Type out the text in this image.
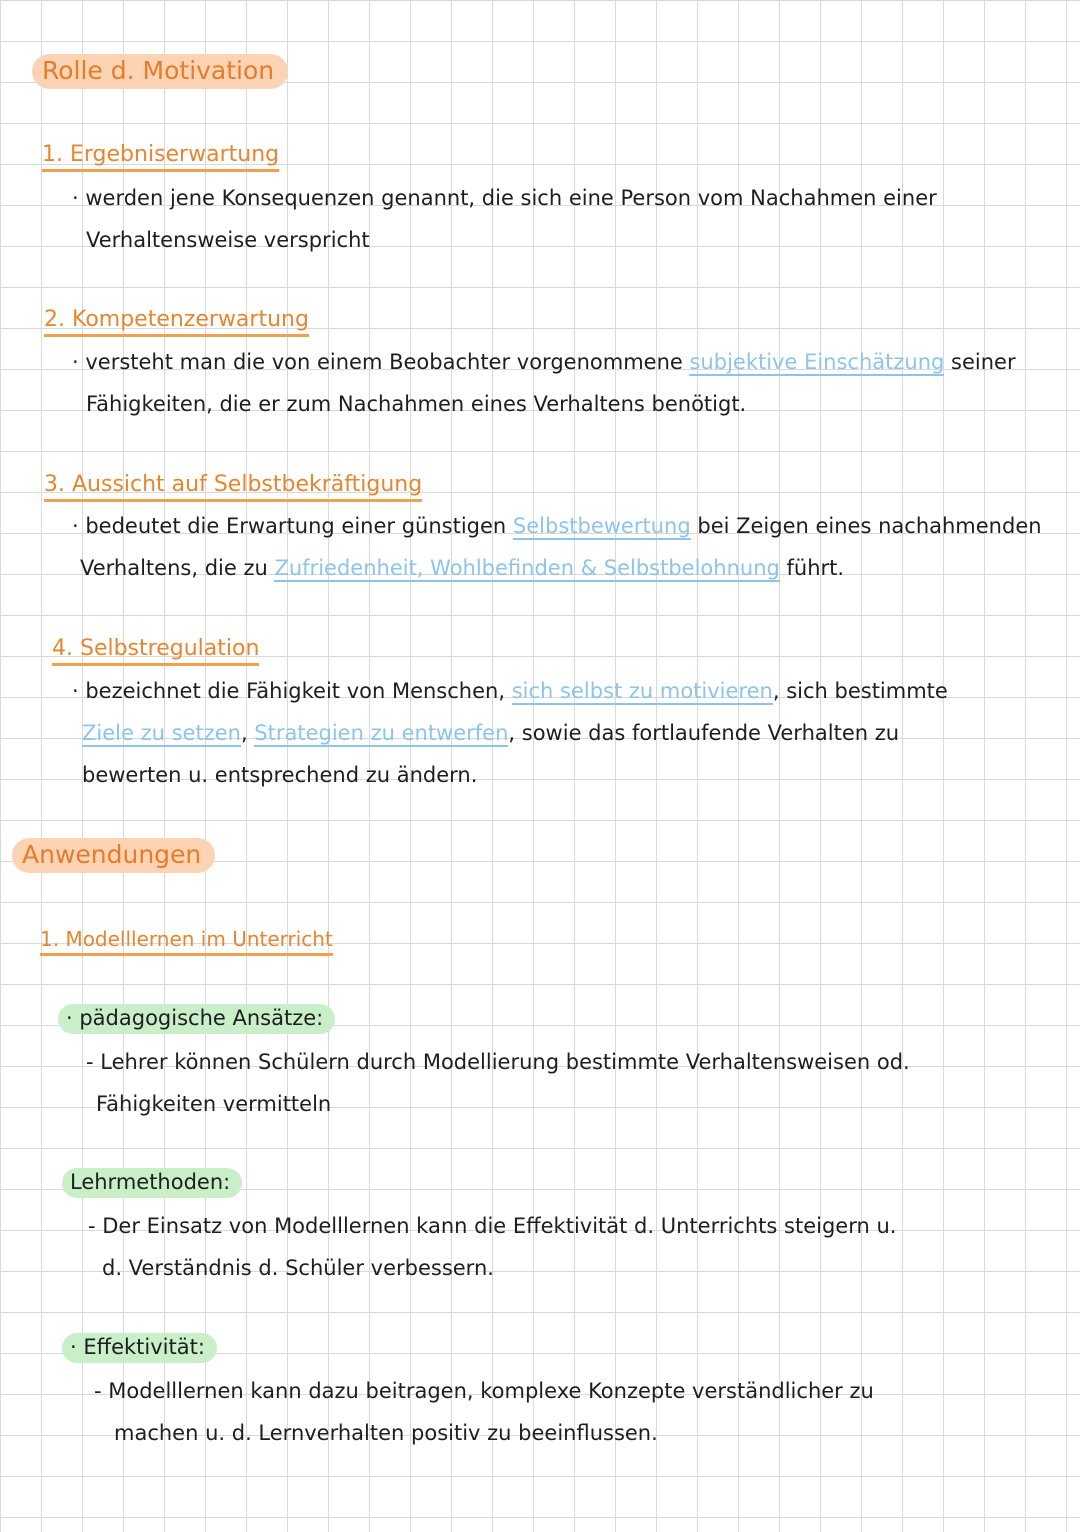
Rolle d. Motivation
1. Ergebniserwartung
· werden jene Konsequenzen genannt, die sich eine Person vom Nachahmen einer
Verhaltensweise verspricht
2. Kompetenzerwartung
· versteht man die von einem Beobachter vorgenommene subjektive Einschätzung seiner
Fähigkeiten, die er zum Nachahmen eines Verhaltens benötigt.
3. Aussicht auf Selbstbekräftigung
· bedeutet die Erwartung einer günstigen Selbstbewertung bei Zeigen eines nachahmenden
Verhaltens, die zu Zufriedenheit, Wohlbefinden & Selbstbelohnung führt.
4. Selbstregulation
· bezeichnet die Fähigkeit von Menschen, sich selbst zu motivieren, sich bestimmte
Ziele zu setzen, Strategien zu entwerfen, sowie das fortlaufende Verhalten zu
bewerten u. entsprechend zu ändern.
Anwendungen
1. Modelllernen im Unterricht
· pädagogische Ansätze:
- Lehrer können Schülern durch Modellierung bestimmte Verhaltensweisen od.
Fähigkeiten vermitteln
Lehrmethoden:
- Der Einsatz von Modelllernen kann die Effektivität d. Unterrichts steigern u.
d. Verständnis d. Schüler verbessern.
· Effektivität:
- Modelllernen kann dazu beitragen, komplexe Konzepte verständlicher zu
machen u. d. Lernverhalten positiv zu beeinflussen.
